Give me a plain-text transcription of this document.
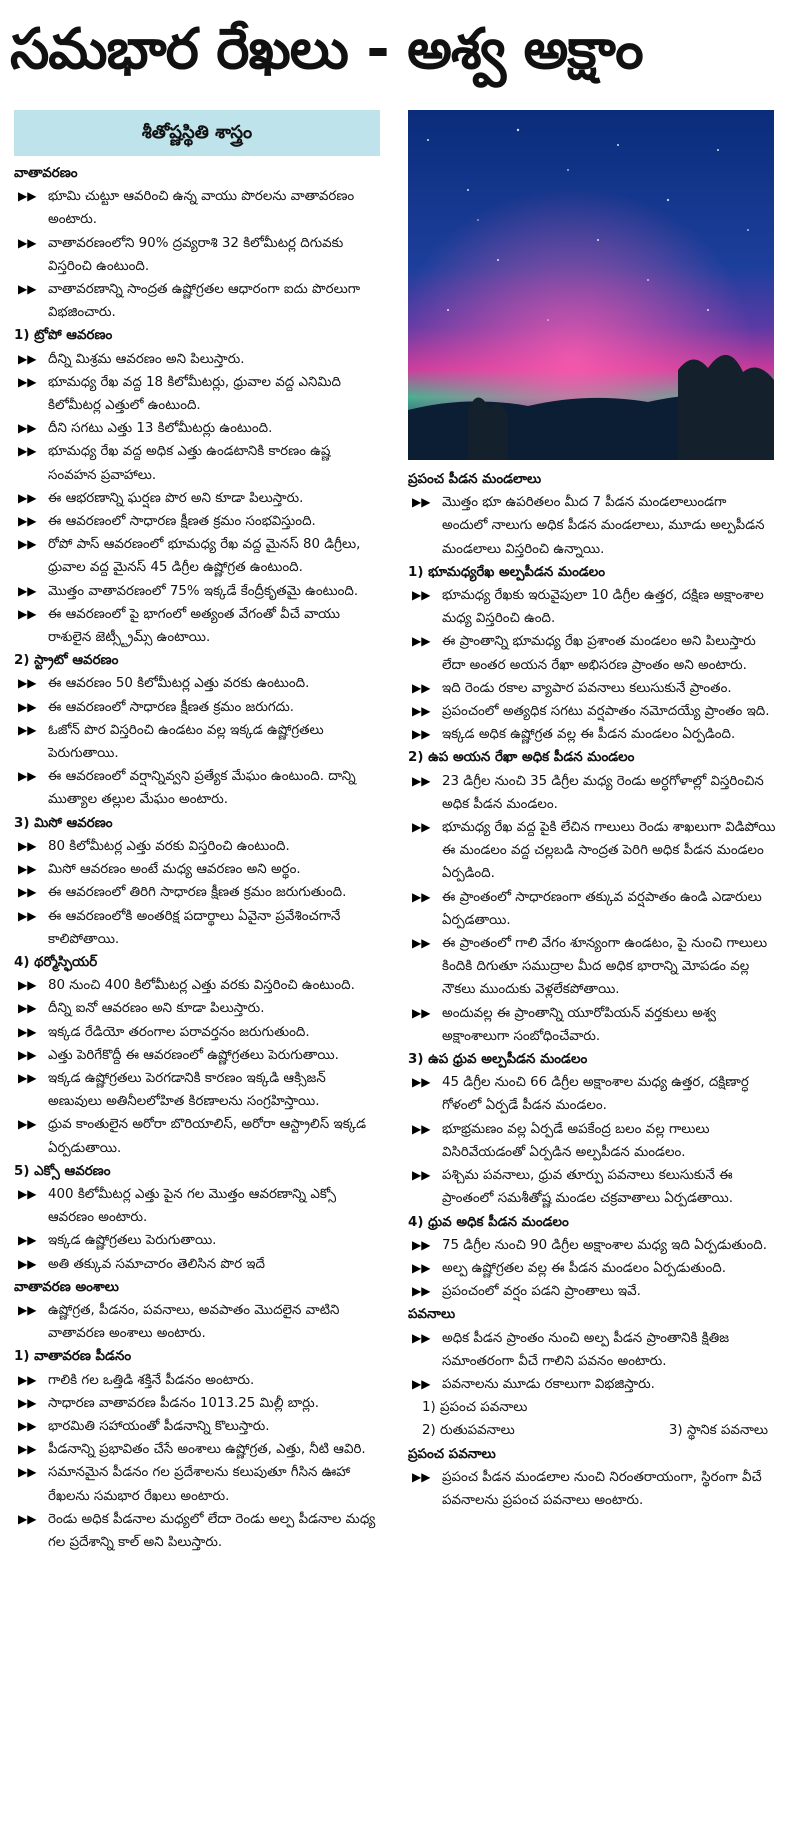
సమభార రేఖలు - అశ్వ అక్షాం
శీతోష్ణస్థితి శాస్త్రం
వాతావరణం
▶▶ భూమి చుట్టూ ఆవరించి ఉన్న వాయు పొరలను వాతావరణం అంటారు.
▶▶ వాతావరణంలోని 90% ద్రవ్యరాశి 32 కిలోమీటర్ల దిగువకు విస్తరించి ఉంటుంది.
▶▶ వాతావరణాన్ని సాంద్రత ఉష్ణోగ్రతల ఆధారంగా ఐదు పొరలుగా విభజించారు.
1) ట్రోపో ఆవరణం
▶▶ దీన్ని మిశ్రమ ఆవరణం అని పిలుస్తారు.
▶▶ భూమధ్య రేఖ వద్ద 18 కిలోమీటర్లు, ధ్రువాల వద్ద ఎనిమిది కిలోమీటర్ల ఎత్తులో ఉంటుంది.
▶▶ దీని సగటు ఎత్తు 13 కిలోమీటర్లు ఉంటుంది.
▶▶ భూమధ్య రేఖ వద్ద అధిక ఎత్తు ఉండటానికి కారణం ఉష్ణ సంవహన ప్రవాహాలు.
▶▶ ఈ ఆభరణాన్ని ఘర్షణ పొర అని కూడా పిలుస్తారు.
▶▶ ఈ ఆవరణంలో సాధారణ క్షీణత క్రమం సంభవిస్తుంది.
▶▶ రోపో పాస్ ఆవరణంలో భూమధ్య రేఖ వద్ద మైనస్ 80 డిగ్రీలు, ధ్రువాల వద్ద మైనస్ 45 డిగ్రీల ఉష్ణోగ్రత ఉంటుంది.
▶▶ మొత్తం వాతావరణంలో 75% ఇక్కడే కేంద్రీకృతమై ఉంటుంది.
▶▶ ఈ ఆవరణంలో పై భాగంలో అత్యంత వేగంతో వీచే వాయు రాశులైన జెట్స్ట్రీమ్స్ ఉంటాయి.
2) స్ట్రాటో ఆవరణం
▶▶ ఈ ఆవరణం 50 కిలోమీటర్ల ఎత్తు వరకు ఉంటుంది.
▶▶ ఈ ఆవరణంలో సాధారణ క్షీణత క్రమం జరుగదు.
▶▶ ఓజోన్ పొర విస్తరించి ఉండటం వల్ల ఇక్కడ ఉష్ణోగ్రతలు పెరుగుతాయి.
▶▶ ఈ ఆవరణంలో వర్షాన్నివ్వని ప్రత్యేక మేఘం ఉంటుంది. దాన్ని ముత్యాల తల్లుల మేఘం అంటారు.
3) మిసో ఆవరణం
▶▶ 80 కిలోమీటర్ల ఎత్తు వరకు విస్తరించి ఉంటుంది.
▶▶ మిసో ఆవరణం అంటే మధ్య ఆవరణం అని అర్థం.
▶▶ ఈ ఆవరణంలో తిరిగి సాధారణ క్షీణత క్రమం జరుగుతుంది.
▶▶ ఈ ఆవరణంలోకి అంతరిక్ష పదార్థాలు ఏవైనా ప్రవేశించగానే కాలిపోతాయి.
4) థర్మోస్ఫియర్
▶▶ 80 నుంచి 400 కిలోమీటర్ల ఎత్తు వరకు విస్తరించి ఉంటుంది.
▶▶ దీన్ని ఐనో ఆవరణం అని కూడా పిలుస్తారు.
▶▶ ఇక్కడ రేడియో తరంగాల పరావర్తనం జరుగుతుంది.
▶▶ ఎత్తు పెరిగేకొద్దీ ఈ ఆవరణంలో ఉష్ణోగ్రతలు పెరుగుతాయి.
▶▶ ఇక్కడ ఉష్ణోగ్రతలు పెరగడానికి కారణం ఇక్కడి ఆక్సిజన్ అణువులు అతినీలలోహిత కిరణాలను సంగ్రహిస్తాయి.
▶▶ ధ్రువ కాంతులైన అరోరా బొరియాలిస్, అరోరా ఆస్ట్రాలిస్ ఇక్కడ ఏర్పడుతాయి.
5) ఎక్సో ఆవరణం
▶▶ 400 కిలోమీటర్ల ఎత్తు పైన గల మొత్తం ఆవరణాన్ని ఎక్సో ఆవరణం అంటారు.
▶▶ ఇక్కడ ఉష్ణోగ్రతలు పెరుగుతాయి.
▶▶ అతి తక్కువ సమాచారం తెలిసిన పొర ఇదే
వాతావరణ అంశాలు
▶▶ ఉష్ణోగ్రత, పీడనం, పవనాలు, అవపాతం మొదలైన వాటిని వాతావరణ అంశాలు అంటారు.
1) వాతావరణ పీడనం
▶▶ గాలికి గల ఒత్తిడి శక్తినే పీడనం అంటారు.
▶▶ సాధారణ వాతావరణ పీడనం 1013.25 మిల్లీ బార్లు.
▶▶ భారమితి సహాయంతో పీడనాన్ని కొలుస్తారు.
▶▶ పీడనాన్ని ప్రభావితం చేసే అంశాలు ఉష్ణోగ్రత, ఎత్తు, నీటి ఆవిరి.
▶▶ సమానమైన పీడనం గల ప్రదేశాలను కలుపుతూ గీసిన ఊహా రేఖలను సమభార రేఖలు అంటారు.
▶▶ రెండు అధిక పీడనాల మధ్యలో లేదా రెండు అల్ప పీడనాల మధ్య గల ప్రదేశాన్ని కాల్ అని పిలుస్తారు.
ప్రపంచ పీడన మండలాలు
▶▶ మొత్తం భూ ఉపరితలం మీద 7 పీడన మండలాలుండగా అందులో నాలుగు అధిక పీడన మండలాలు, మూడు అల్పపీడన మండలాలు విస్తరించి ఉన్నాయి.
1) భూమధ్యరేఖ అల్పపీడన మండలం
▶▶ భూమధ్య రేఖకు ఇరువైపులా 10 డిగ్రీల ఉత్తర, దక్షిణ అక్షాంశాల మధ్య విస్తరించి ఉంది.
▶▶ ఈ ప్రాంతాన్ని భూమధ్య రేఖ ప్రశాంత మండలం అని పిలుస్తారు లేదా అంతర అయన రేఖా అభిసరణ ప్రాంతం అని అంటారు.
▶▶ ఇది రెండు రకాల వ్యాపార పవనాలు కలుసుకునే ప్రాంతం.
▶▶ ప్రపంచంలో అత్యధిక సగటు వర్షపాతం నమోదయ్యే ప్రాంతం ఇది.
▶▶ ఇక్కడ అధిక ఉష్ణోగ్రత వల్ల ఈ పీడన మండలం ఏర్పడింది.
2) ఉప అయన రేఖా అధిక పీడన మండలం
▶▶ 23 డిగ్రీల నుంచి 35 డిగ్రీల మధ్య రెండు అర్ధగోళాల్లో విస్తరించిన అధిక పీడన మండలం.
▶▶ భూమధ్య రేఖ వద్ద పైకి లేచిన గాలులు రెండు శాఖలుగా విడిపోయి ఈ మండలం వద్ద చల్లబడి సాంద్రత పెరిగి అధిక పీడన మండలం ఏర్పడింది.
▶▶ ఈ ప్రాంతంలో సాధారణంగా తక్కువ వర్షపాతం ఉండి ఎడారులు ఏర్పడతాయి.
▶▶ ఈ ప్రాంతంలో గాలి వేగం శూన్యంగా ఉండటం, పై నుంచి గాలులు కిందికి దిగుతూ సముద్రాల మీద అధిక భారాన్ని మోపడం వల్ల నౌకలు ముందుకు వెళ్లలేకపోతాయి.
▶▶ అందువల్ల ఈ ప్రాంతాన్ని యూరోపియన్ వర్తకులు అశ్వ అక్షాంశాలుగా సంబోధించేవారు.
3) ఉప ధ్రువ అల్పపీడన మండలం
▶▶ 45 డిగ్రీల నుంచి 66 డిగ్రీల అక్షాంశాల మధ్య ఉత్తర, దక్షిణార్ధ గోళంలో ఏర్పడే పీడన మండలం.
▶▶ భూభ్రమణం వల్ల ఏర్పడే అపకేంద్ర బలం వల్ల గాలులు విసిరివేయడంతో ఏర్పడిన అల్పపీడన మండలం.
▶▶ పశ్చిమ పవనాలు, ధ్రువ తూర్పు పవనాలు కలుసుకునే ఈ ప్రాంతంలో సమశీతోష్ణ మండల చక్రవాతాలు ఏర్పడతాయి.
4) ధ్రువ అధిక పీడన మండలం
▶▶ 75 డిగ్రీల నుంచి 90 డిగ్రీల అక్షాంశాల మధ్య ఇది ఏర్పడుతుంది.
▶▶ అల్ప ఉష్ణోగ్రతల వల్ల ఈ పీడన మండలం ఏర్పడుతుంది.
▶▶ ప్రపంచంలో వర్షం పడని ప్రాంతాలు ఇవే.
పవనాలు
▶▶ అధిక పీడన ప్రాంతం నుంచి అల్ప పీడన ప్రాంతానికి క్షితిజ సమాంతరంగా వీచే గాలిని పవనం అంటారు.
▶▶ పవనాలను మూడు రకాలుగా విభజిస్తారు.
1) ప్రపంచ పవనాలు
2) రుతుపవనాలు	3) స్థానిక పవనాలు
ప్రపంచ పవనాలు
▶▶ ప్రపంచ పీడన మండలాల నుంచి నిరంతరాయంగా, స్థిరంగా వీచే పవనాలను ప్రపంచ పవనాలు అంటారు.
